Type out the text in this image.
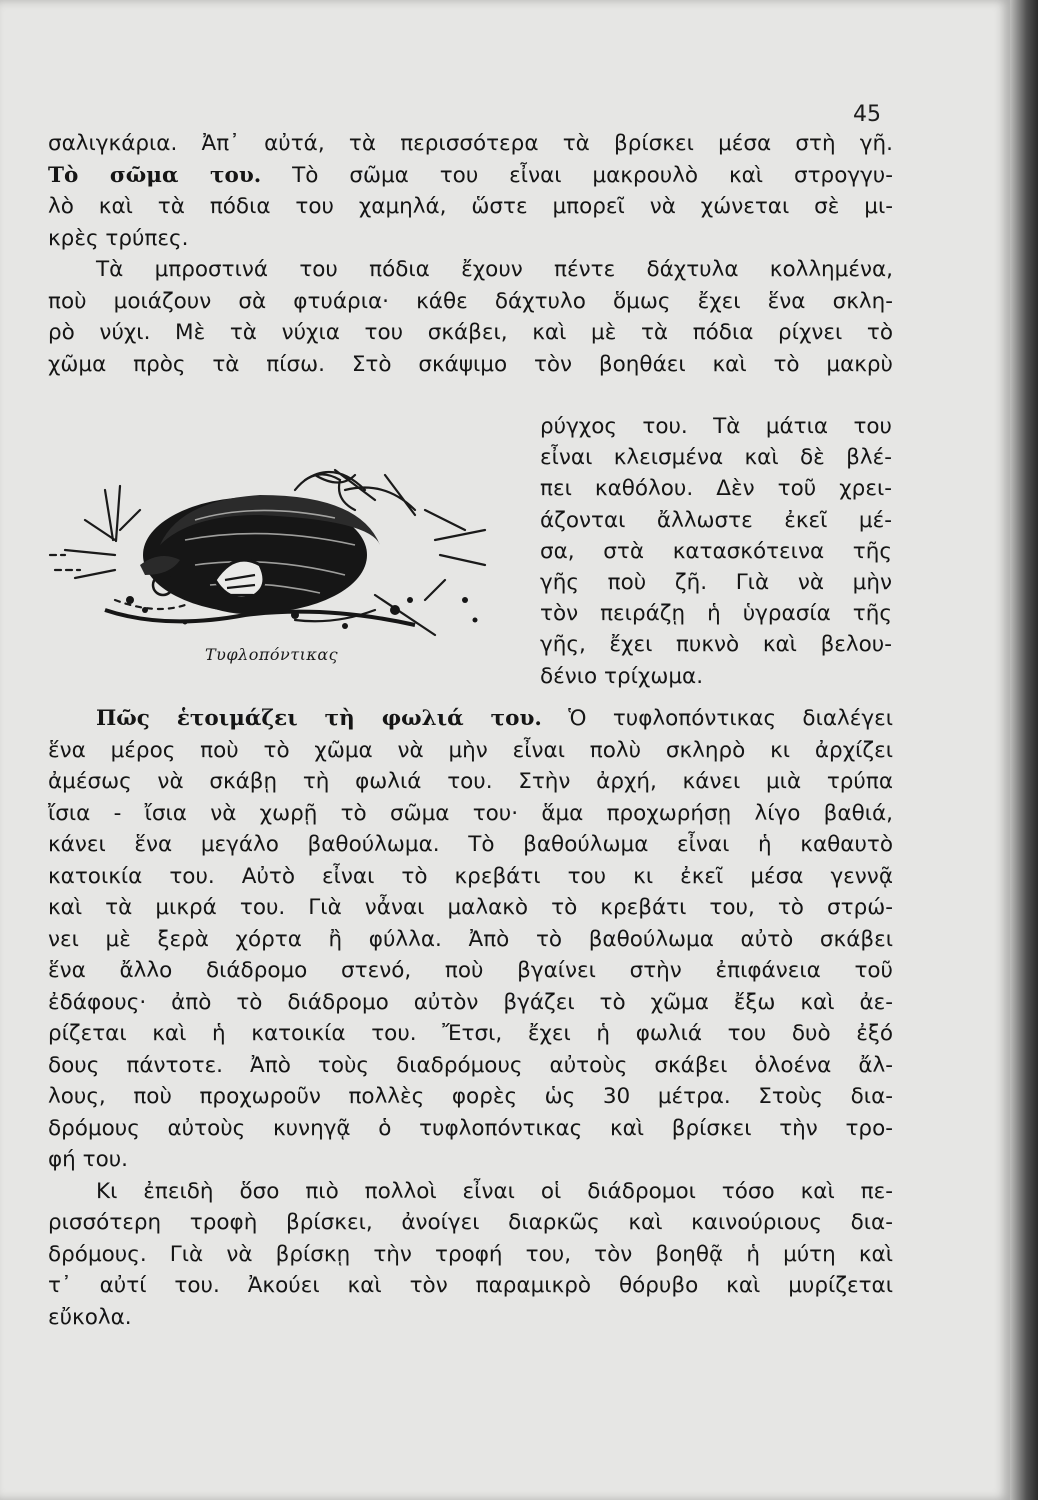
45
σαλιγκάρια. Ἀπ᾿ αὐτά, τὰ περισσότερα τὰ βρίσκει μέσα στὴ γῆ.
Τὸ σῶμα του. Τὸ σῶμα του εἶναι μακρουλὸ καὶ στρογγυ-
λὸ καὶ τὰ πόδια του χαμηλά, ὥστε μπορεῖ νὰ χώνεται σὲ μι-
κρὲς τρύπες.
Τὰ μπροστινά του πόδια ἔχουν πέντε δάχτυλα κολλημένα,
ποὺ μοιάζουν σὰ φτυάρια· κάθε δάχτυλο ὅμως ἔχει ἕνα σκλη-
ρὸ νύχι. Μὲ τὰ νύχια του σκάβει, καὶ μὲ τὰ πόδια ρίχνει τὸ
χῶμα πρὸς τὰ πίσω. Στὸ σκάψιμο τὸν βοηθάει καὶ τὸ μακρὺ
ρύγχος του. Τὰ μάτια του
εἶναι κλεισμένα καὶ δὲ βλέ-
πει καθόλου. Δὲν τοῦ χρει-
άζονται ἄλλωστε ἐκεῖ μέ-
σα, στὰ κατασκότεινα τῆς
γῆς ποὺ ζῆ. Γιὰ νὰ μὴν
τὸν πειράζῃ ἡ ὑγρασία τῆς
γῆς, ἔχει πυκνὸ καὶ βελου-
δένιο τρίχωμα.
Τυφλοπόντικας
Πῶς ἑτοιμάζει τὴ φωλιά του. Ὁ τυφλοπόντικας διαλέγει
ἕνα μέρος ποὺ τὸ χῶμα νὰ μὴν εἶναι πολὺ σκληρὸ κι ἀρχίζει
ἀμέσως νὰ σκάβῃ τὴ φωλιά του. Στὴν ἀρχή, κάνει μιὰ τρύπα
ἴσια - ἴσια νὰ χωρῇ τὸ σῶμα του· ἅμα προχωρήσῃ λίγο βαθιά,
κάνει ἕνα μεγάλο βαθούλωμα. Τὸ βαθούλωμα εἶναι ἡ καθαυτὸ
κατοικία του. Αὐτὸ εἶναι τὸ κρεβάτι του κι ἐκεῖ μέσα γεννᾷ
καὶ τὰ μικρά του. Γιὰ νἆναι μαλακὸ τὸ κρεβάτι του, τὸ στρώ-
νει μὲ ξερὰ χόρτα ἢ φύλλα. Ἀπὸ τὸ βαθούλωμα αὐτὸ σκάβει
ἕνα ἄλλο διάδρομο στενό, ποὺ βγαίνει στὴν ἐπιφάνεια τοῦ
ἐδάφους· ἀπὸ τὸ διάδρομο αὐτὸν βγάζει τὸ χῶμα ἔξω καὶ ἀε-
ρίζεται καὶ ἡ κατοικία του. Ἔτσι, ἔχει ἡ φωλιά του δυὸ ἐξό
δους πάντοτε. Ἀπὸ τοὺς διαδρόμους αὐτοὺς σκάβει ὁλοένα ἄλ-
λους, ποὺ προχωροῦν πολλὲς φορὲς ὡς 30 μέτρα. Στοὺς δια-
δρόμους αὐτοὺς κυνηγᾷ ὁ τυφλοπόντικας καὶ βρίσκει τὴν τρο-
φή του.
Κι ἐπειδὴ ὅσο πιὸ πολλοὶ εἶναι οἱ διάδρομοι τόσο καὶ πε-
ρισσότερη τροφὴ βρίσκει, ἀνοίγει διαρκῶς καὶ καινούριους δια-
δρόμους. Γιὰ νὰ βρίσκῃ τὴν τροφή του, τὸν βοηθᾷ ἡ μύτη καὶ
τ᾿ αὐτί του. Ἀκούει καὶ τὸν παραμικρὸ θόρυβο καὶ μυρίζεται
εὔκολα.
